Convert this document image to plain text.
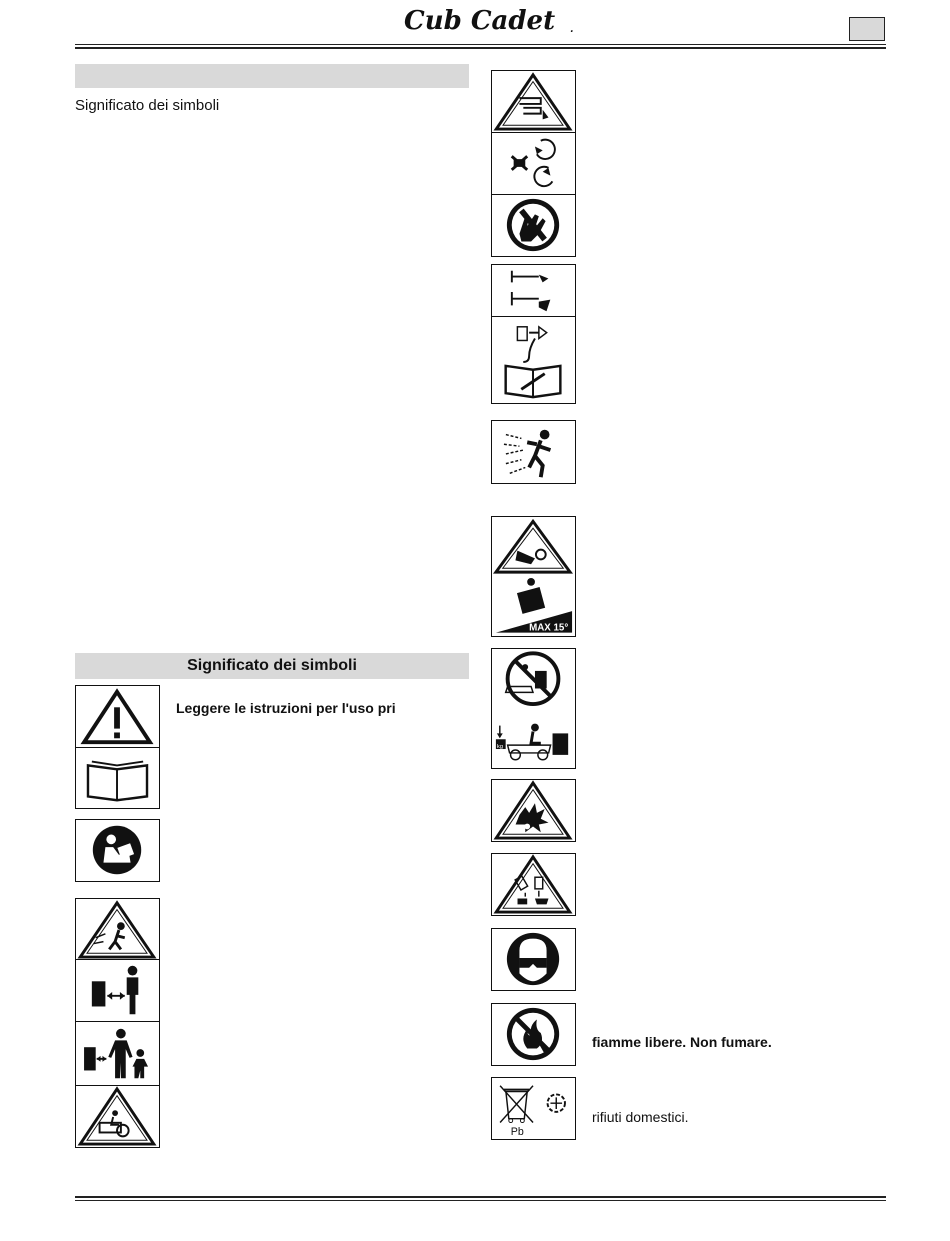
Cub Cadet .
Significato dei simboli
Significato dei simboli
Leggere le istruzioni per l'uso pri
MAX 15°
kg
fiamme libere. Non fumare.
Pb
rifiuti domestici.
